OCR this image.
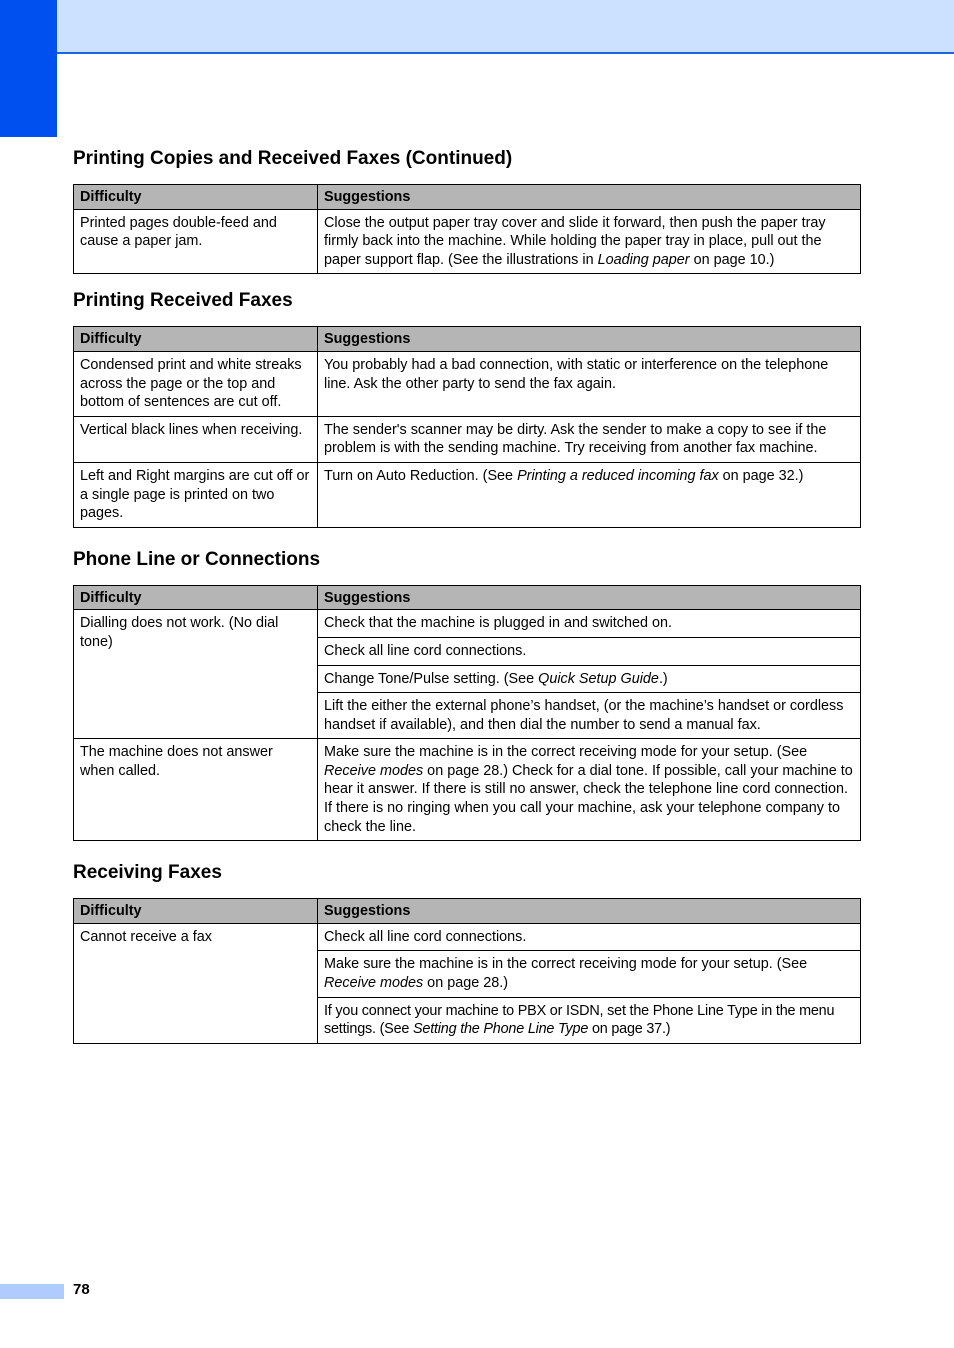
Printing Copies and Received Faxes (Continued)
Difficulty	Suggestions
Printed pages double-feed and cause a paper jam.	Close the output paper tray cover and slide it forward, then push the paper tray firmly back into the machine. While holding the paper tray in place, pull out the paper support flap. (See the illustrations in Loading paper on page 10.)
Printing Received Faxes
Difficulty	Suggestions
Condensed print and white streaks across the page or the top and bottom of sentences are cut off.	You probably had a bad connection, with static or interference on the telephone line. Ask the other party to send the fax again.
Vertical black lines when receiving.	The sender's scanner may be dirty. Ask the sender to make a copy to see if the problem is with the sending machine. Try receiving from another fax machine.
Left and Right margins are cut off or a single page is printed on two pages.	Turn on Auto Reduction. (See Printing a reduced incoming fax on page 32.)
Phone Line or Connections
Difficulty	Suggestions
Dialling does not work. (No dial tone)	Check that the machine is plugged in and switched on.
	Check all line cord connections.
	Change Tone/Pulse setting. (See Quick Setup Guide.)
	Lift the either the external phone’s handset, (or the machine’s handset or cordless handset if available), and then dial the number to send a manual fax.
The machine does not answer when called.	Make sure the machine is in the correct receiving mode for your setup. (See Receive modes on page 28.) Check for a dial tone. If possible, call your machine to hear it answer. If there is still no answer, check the telephone line cord connection. If there is no ringing when you call your machine, ask your telephone company to check the line.
Receiving Faxes
Difficulty	Suggestions
Cannot receive a fax	Check all line cord connections.
	Make sure the machine is in the correct receiving mode for your setup. (See Receive modes on page 28.)
	If you connect your machine to PBX or ISDN, set the Phone Line Type in the menu settings. (See Setting the Phone Line Type on page 37.)
78
